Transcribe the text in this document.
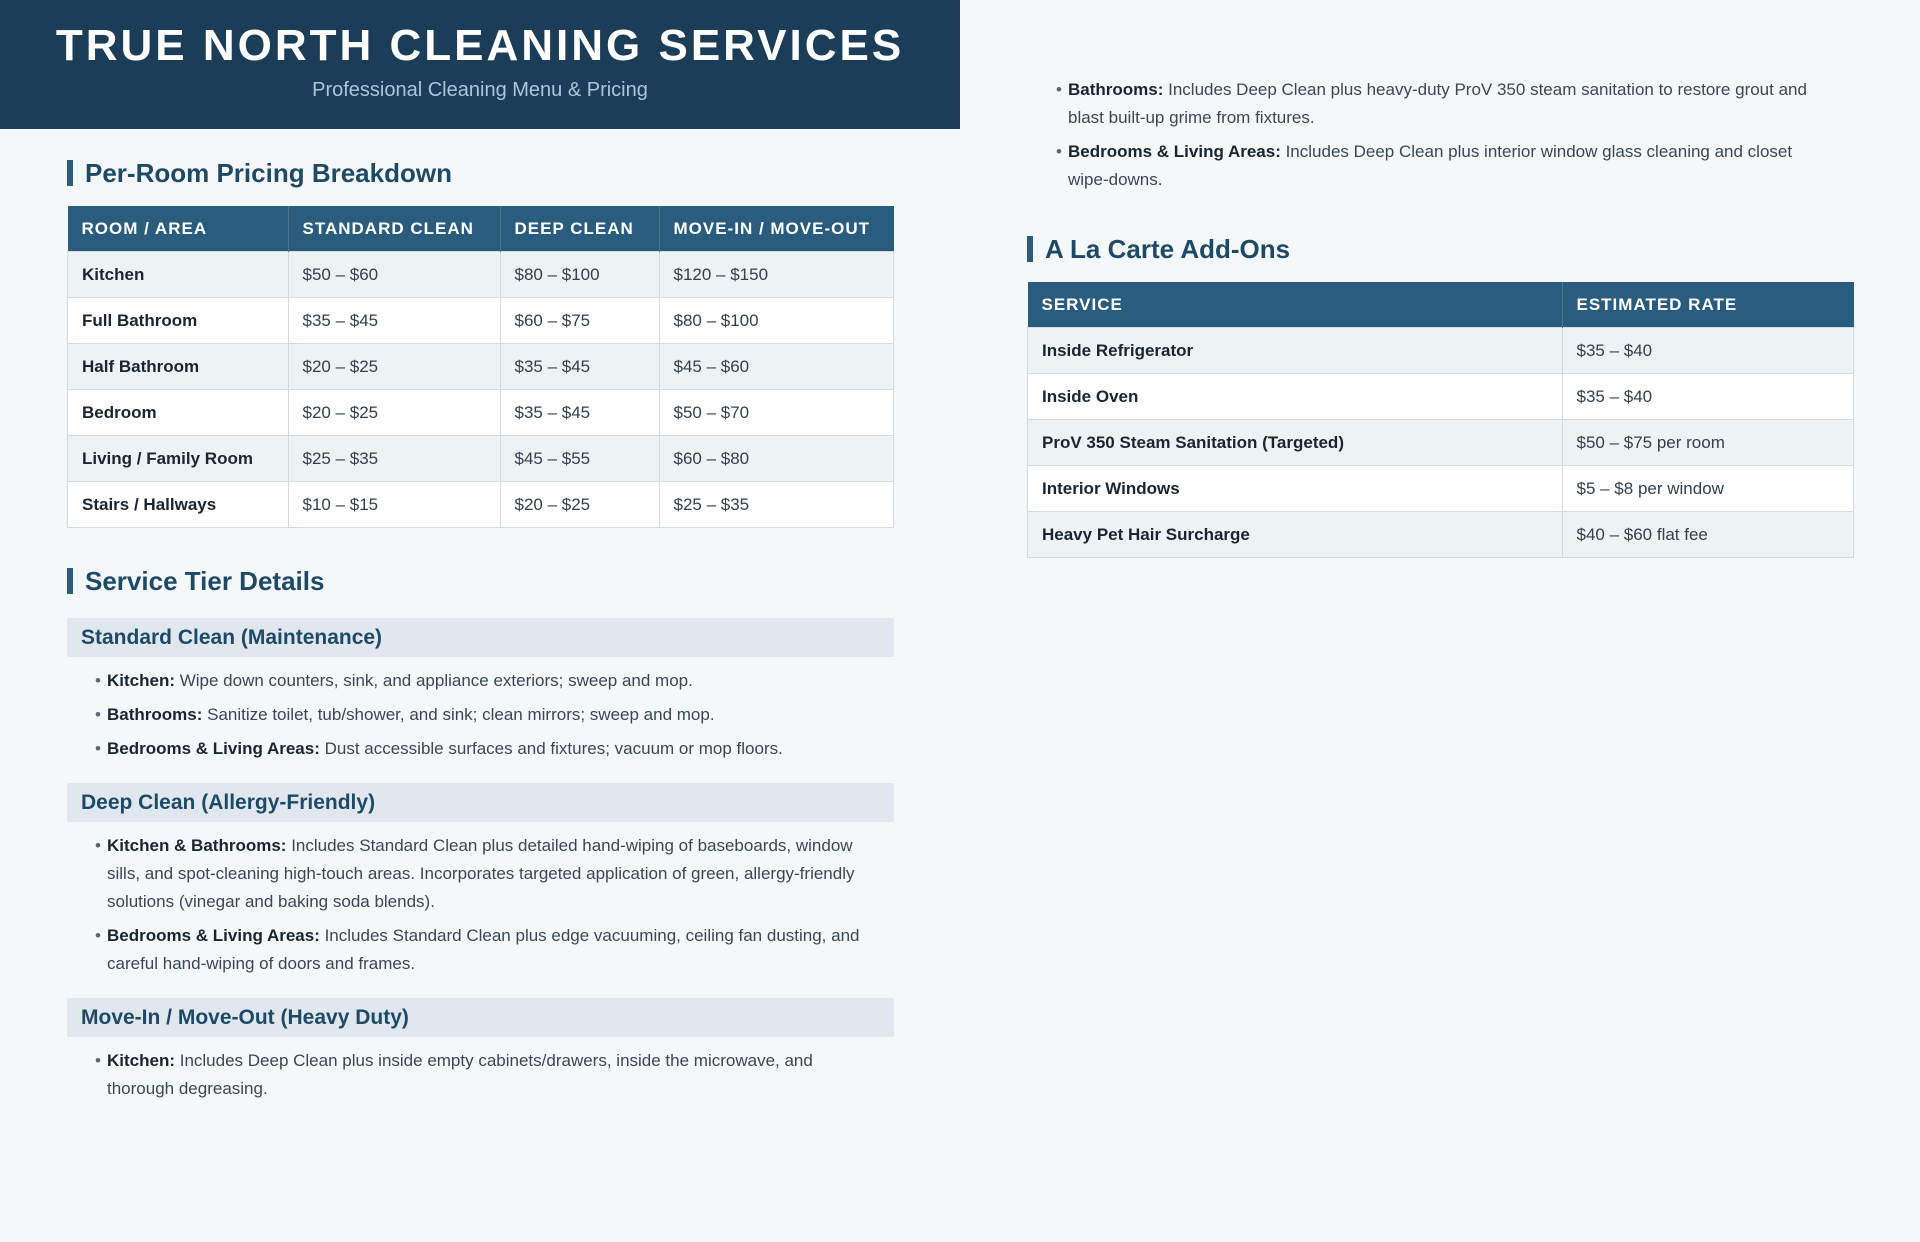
TRUE NORTH CLEANING SERVICES
Professional Cleaning Menu & Pricing
Per-Room Pricing Breakdown
ROOM / AREA	STANDARD CLEAN	DEEP CLEAN	MOVE-IN / MOVE-OUT
Kitchen	$50 – $60	$80 – $100	$120 – $150
Full Bathroom	$35 – $45	$60 – $75	$80 – $100
Half Bathroom	$20 – $25	$35 – $45	$45 – $60
Bedroom	$20 – $25	$35 – $45	$50 – $70
Living / Family Room	$25 – $35	$45 – $55	$60 – $80
Stairs / Hallways	$10 – $15	$20 – $25	$25 – $35
Service Tier Details
Standard Clean (Maintenance)
• Kitchen: Wipe down counters, sink, and appliance exteriors; sweep and mop.
• Bathrooms: Sanitize toilet, tub/shower, and sink; clean mirrors; sweep and mop.
• Bedrooms & Living Areas: Dust accessible surfaces and fixtures; vacuum or mop floors.
Deep Clean (Allergy-Friendly)
• Kitchen & Bathrooms: Includes Standard Clean plus detailed hand-wiping of baseboards, window sills, and spot-cleaning high-touch areas. Incorporates targeted application of green, allergy-friendly solutions (vinegar and baking soda blends).
• Bedrooms & Living Areas: Includes Standard Clean plus edge vacuuming, ceiling fan dusting, and careful hand-wiping of doors and frames.
Move-In / Move-Out (Heavy Duty)
• Kitchen: Includes Deep Clean plus inside empty cabinets/drawers, inside the microwave, and thorough degreasing.
• Bathrooms: Includes Deep Clean plus heavy-duty ProV 350 steam sanitation to restore grout and blast built-up grime from fixtures.
• Bedrooms & Living Areas: Includes Deep Clean plus interior window glass cleaning and closet wipe-downs.
A La Carte Add-Ons
SERVICE	ESTIMATED RATE
Inside Refrigerator	$35 – $40
Inside Oven	$35 – $40
ProV 350 Steam Sanitation (Targeted)	$50 – $75 per room
Interior Windows	$5 – $8 per window
Heavy Pet Hair Surcharge	$40 – $60 flat fee
